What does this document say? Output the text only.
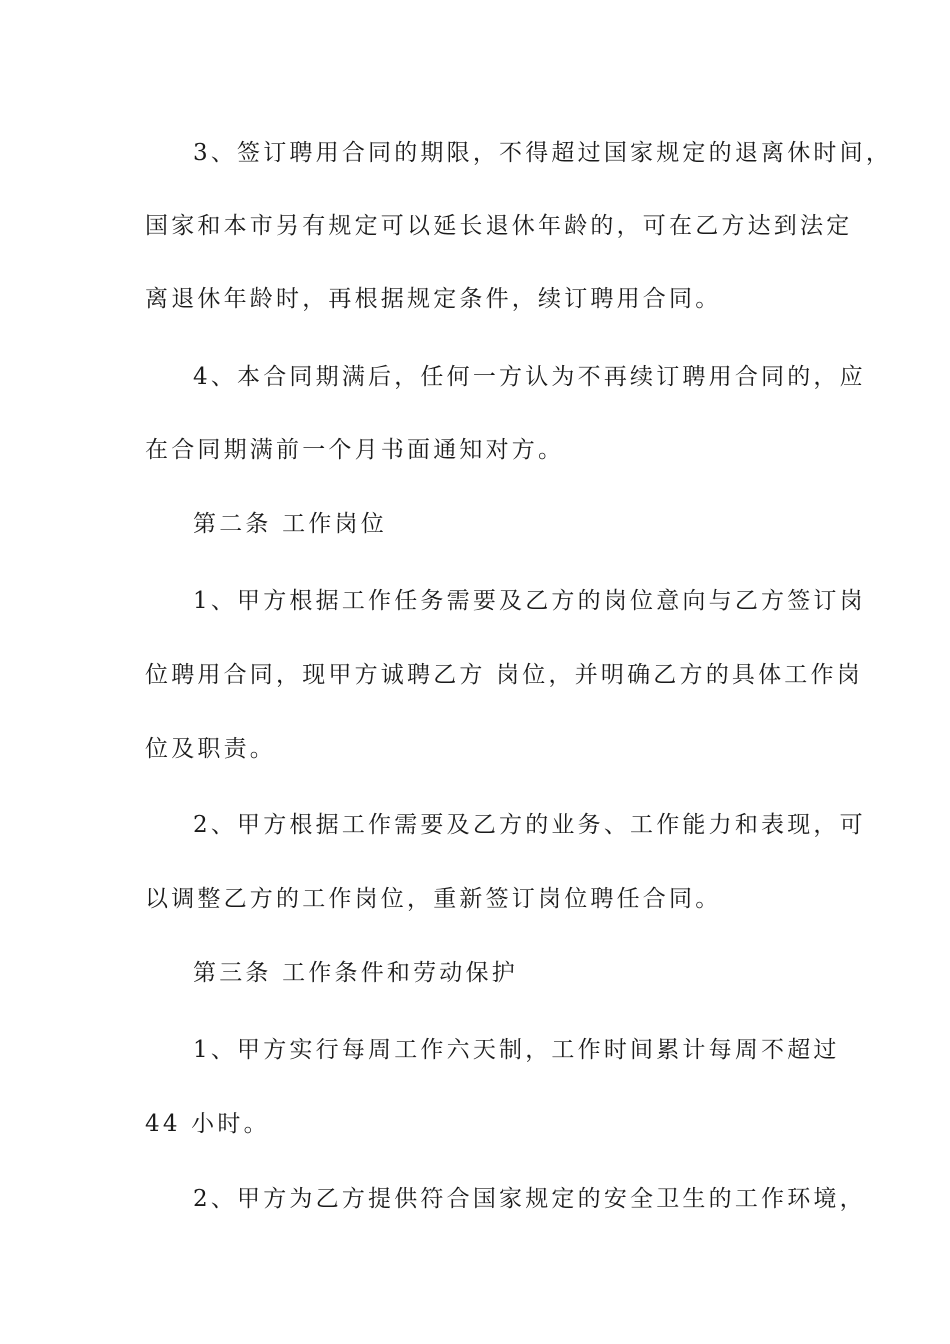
3、签订聘用合同的期限，不得超过国家规定的退离休时间，
国家和本市另有规定可以延长退休年龄的，可在乙方达到法定
离退休年龄时，再根据规定条件，续订聘用合同。
4、本合同期满后，任何一方认为不再续订聘用合同的，应
在合同期满前一个月书面通知对方。
第二条 工作岗位
1、甲方根据工作任务需要及乙方的岗位意向与乙方签订岗
位聘用合同，现甲方诚聘乙方 岗位，并明确乙方的具体工作岗
位及职责。
2、甲方根据工作需要及乙方的业务、工作能力和表现，可
以调整乙方的工作岗位，重新签订岗位聘任合同。
第三条 工作条件和劳动保护
1、甲方实行每周工作六天制，工作时间累计每周不超过
44 小时。
2、甲方为乙方提供符合国家规定的安全卫生的工作环境，
